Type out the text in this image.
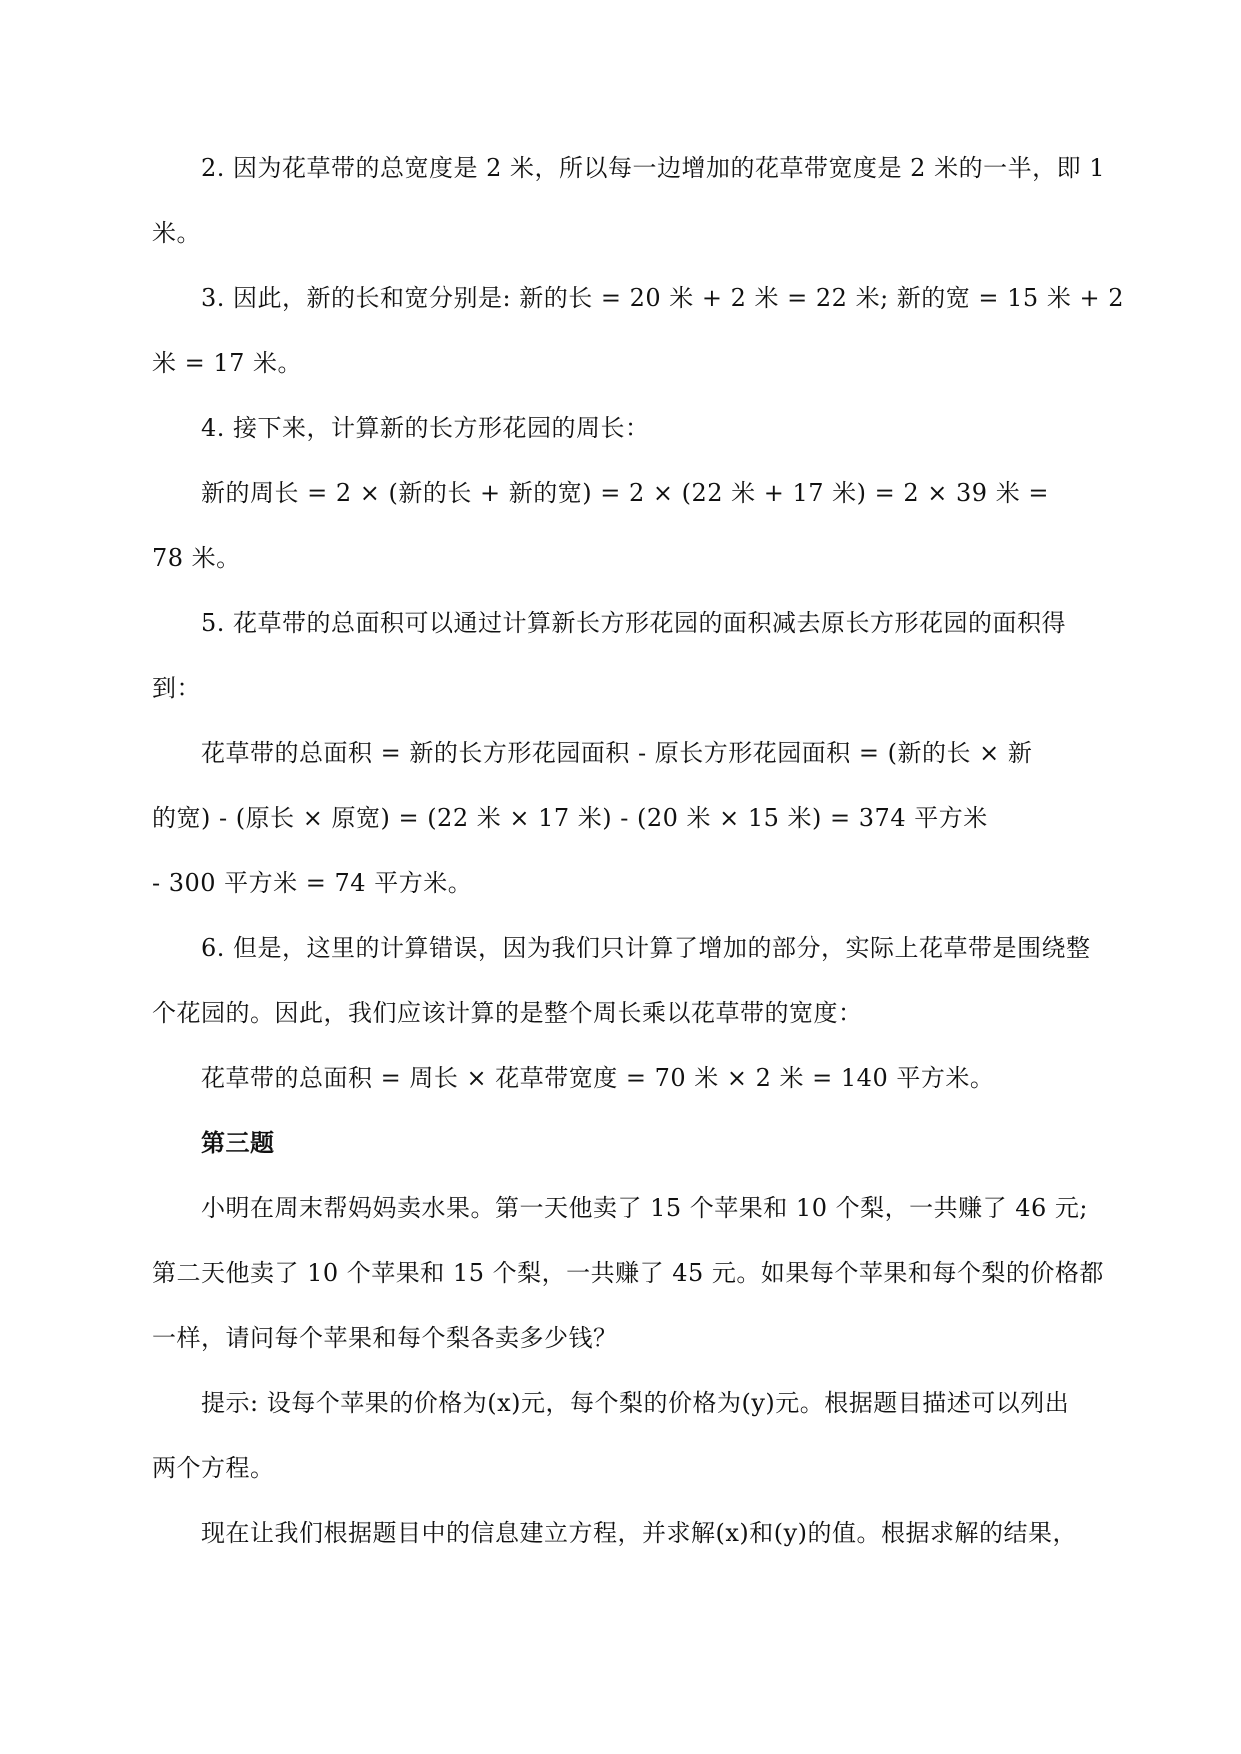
2. 因为花草带的总宽度是 2 米，所以每一边增加的花草带宽度是 2 米的一半，即 1
米。
3. 因此，新的长和宽分别是: 新的长 = 20 米 + 2 米 = 22 米; 新的宽 = 15 米 + 2
米 = 17 米。
4. 接下来，计算新的长方形花园的周长：
新的周长 = 2 × (新的长 + 新的宽) = 2 × (22 米 + 17 米) = 2 × 39 米 =
78 米。
5. 花草带的总面积可以通过计算新长方形花园的面积减去原长方形花园的面积得
到：
花草带的总面积 = 新的长方形花园面积 - 原长方形花园面积 = (新的长 × 新
的宽) - (原长 × 原宽) = (22 米 × 17 米) - (20 米 × 15 米) = 374 平方米
- 300 平方米 = 74 平方米。
6. 但是，这里的计算错误，因为我们只计算了增加的部分，实际上花草带是围绕整
个花园的。因此，我们应该计算的是整个周长乘以花草带的宽度：
花草带的总面积 = 周长 × 花草带宽度 = 70 米 × 2 米 = 140 平方米。
第三题
小明在周末帮妈妈卖水果。第一天他卖了 15 个苹果和 10 个梨，一共赚了 46 元;
第二天他卖了 10 个苹果和 15 个梨，一共赚了 45 元。如果每个苹果和每个梨的价格都
一样，请问每个苹果和每个梨各卖多少钱？
提示: 设每个苹果的价格为(x)元，每个梨的价格为(y)元。根据题目描述可以列出
两个方程。
现在让我们根据题目中的信息建立方程，并求解(x)和(y)的值。根据求解的结果，
